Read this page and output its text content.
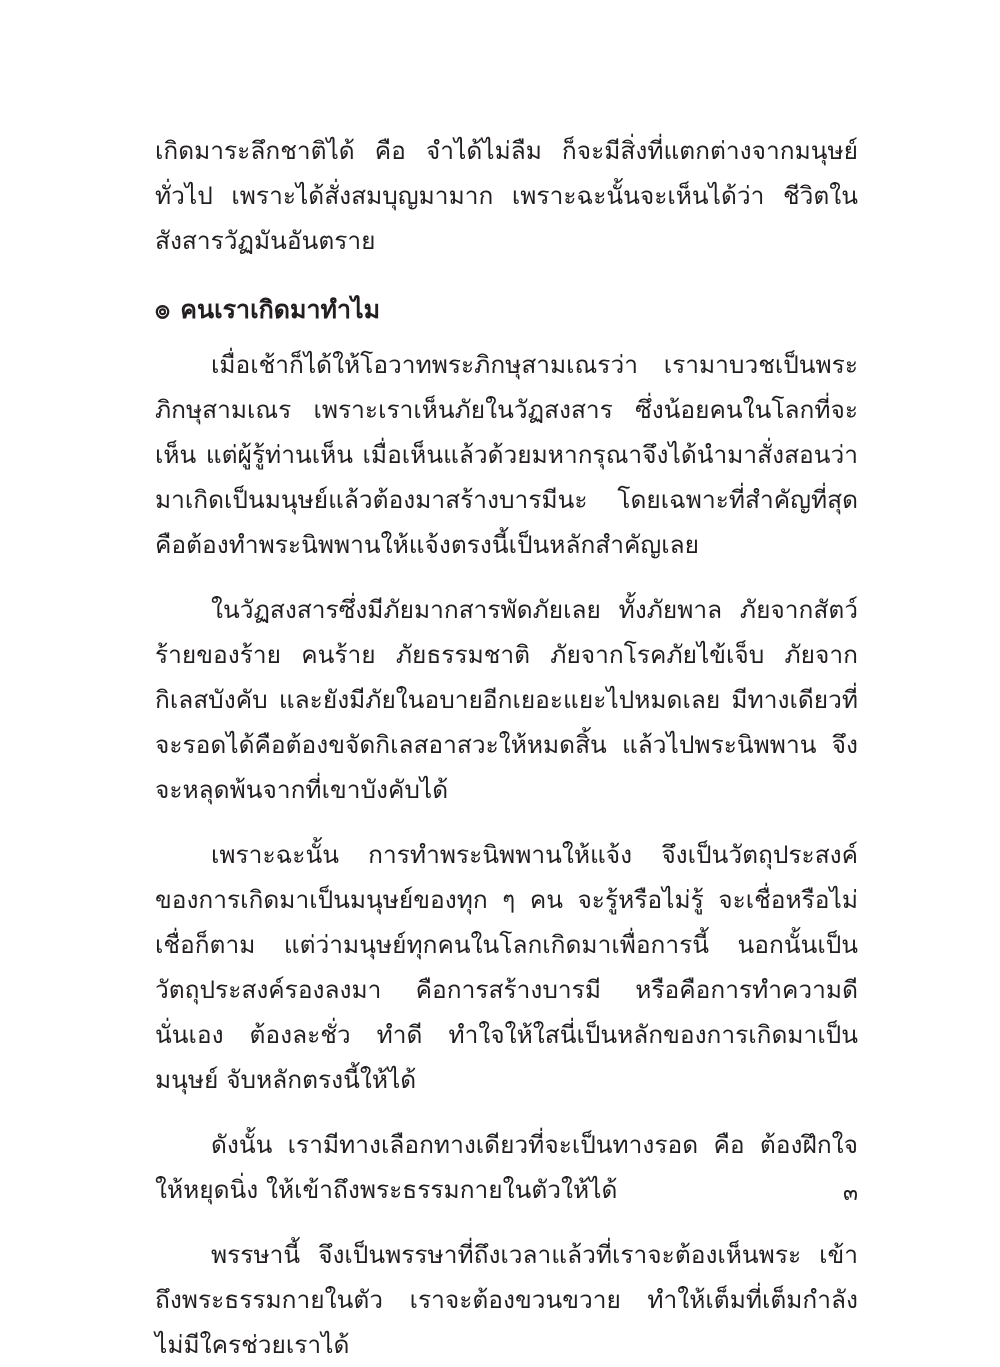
เกิดมาระลึกชาติได้ คือ จำได้ไม่ลืม ก็จะมีสิ่งที่แตกต่างจากมนุษย์ทั่วไป เพราะได้สั่งสมบุญมามาก เพราะฉะนั้นจะเห็นได้ว่า ชีวิตในสังสารวัฏมันอันตราย

๏ คนเราเกิดมาทำไม

เมื่อเช้าก็ได้ให้โอวาทพระภิกษุสามเณรว่า เรามาบวชเป็นพระภิกษุสามเณร เพราะเราเห็นภัยในวัฏสงสาร ซึ่งน้อยคนในโลกที่จะเห็น แต่ผู้รู้ท่านเห็น เมื่อเห็นแล้วด้วยมหากรุณาจึงได้นำมาสั่งสอนว่า มาเกิดเป็นมนุษย์แล้วต้องมาสร้างบารมีนะ โดยเฉพาะที่สำคัญที่สุดคือต้องทำพระนิพพานให้แจ้งตรงนี้เป็นหลักสำคัญเลย

ในวัฏสงสารซึ่งมีภัยมากสารพัดภัยเลย ทั้งภัยพาล ภัยจากสัตว์ร้ายของร้าย คนร้าย ภัยธรรมชาติ ภัยจากโรคภัยไข้เจ็บ ภัยจากกิเลสบังคับ และยังมีภัยในอบายอีกเยอะแยะไปหมดเลย มีทางเดียวที่จะรอดได้คือต้องขจัดกิเลสอาสวะให้หมดสิ้น แล้วไปพระนิพพาน จึงจะหลุดพ้นจากที่เขาบังคับได้

เพราะฉะนั้น การทำพระนิพพานให้แจ้ง จึงเป็นวัตถุประสงค์ของการเกิดมาเป็นมนุษย์ของทุก ๆ คน จะรู้หรือไม่รู้ จะเชื่อหรือไม่เชื่อก็ตาม แต่ว่ามนุษย์ทุกคนในโลกเกิดมาเพื่อการนี้ นอกนั้นเป็นวัตถุประสงค์รองลงมา คือการสร้างบารมี หรือคือการทำความดีนั่นเอง ต้องละชั่ว ทำดี ทำใจให้ใสนี่เป็นหลักของการเกิดมาเป็นมนุษย์ จับหลักตรงนี้ให้ได้

ดังนั้น เรามีทางเลือกทางเดียวที่จะเป็นทางรอด คือ ต้องฝึกใจให้หยุดนิ่ง ให้เข้าถึงพระธรรมกายในตัวให้ได้

พรรษานี้ จึงเป็นพรรษาที่ถึงเวลาแล้วที่เราจะต้องเห็นพระ เข้าถึงพระธรรมกายในตัว เราจะต้องขวนขวาย ทำให้เต็มที่เต็มกำลัง ไม่มีใครช่วยเราได้

๓
